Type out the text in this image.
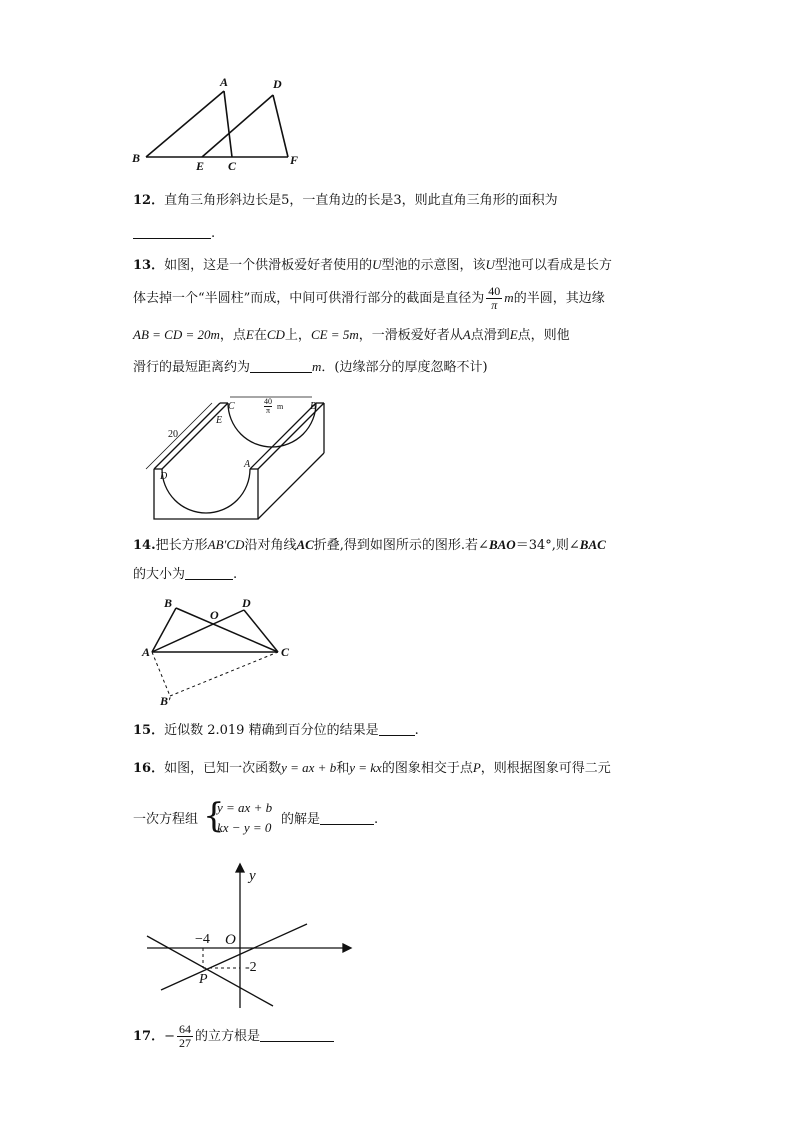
A
B
C
D
E	F
12．直角三角形斜边长是5，一直角边的长是3，则此直角三角形的面积为
.
13．如图，这是一个供滑板爱好者使用的U型池的示意图，该U型池可以看成是长方
体去掉一个“半圆柱”而成，中间可供滑行部分的截面是直径为 $\frac{40}{\pi}$ m的半圆，其边缘
AB = CD = 20m，点E在CD上，CE = 5m，一滑板爱好者从A点滑到E点，则他
滑行的最短距离约为	m．(边缘部分的厚度忽略不计)
C
E
B
A
D
20
40
π m
14.把长方形AB′CD沿对角线AC折叠,得到如图所示的图形.若∠BAO＝34°,则∠BAC
的大小为	.
B
O
D
A	C
B′
15．近似数 2.019 精确到百分位的结果是	.
16．如图，已知一次函数y = ax + b和y = kx的图象相交于点P，则根据图象可得二元
一次方程组 {
y = ax + b
kx − y = 0
的解是	.
y
O
−4
-2
P
17．− $\frac{64}{27}$ 的立方根是
